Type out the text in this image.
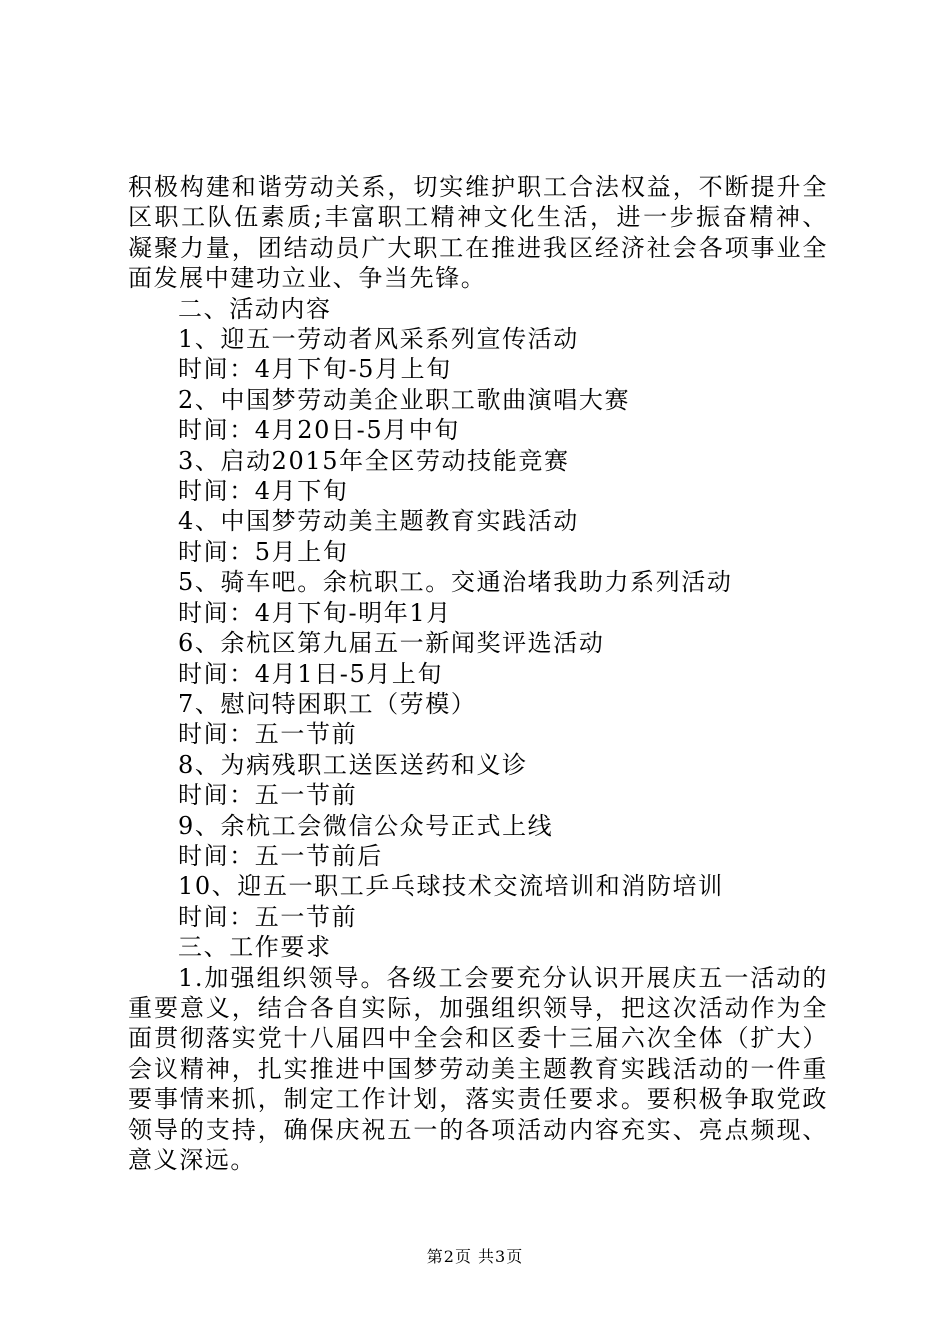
积极构建和谐劳动关系，切实维护职工合法权益，不断提升全区职工队伍素质;丰富职工精神文化生活，进一步振奋精神、凝聚力量，团结动员广大职工在推进我区经济社会各项事业全面发展中建功立业、争当先锋。

二、活动内容

1、迎五一劳动者风采系列宣传活动

时间：4月下旬-5月上旬

2、中国梦劳动美企业职工歌曲演唱大赛

时间：4月20日-5月中旬

3、启动2015年全区劳动技能竞赛

时间：4月下旬

4、中国梦劳动美主题教育实践活动

时间：5月上旬

5、骑车吧。余杭职工。交通治堵我助力系列活动

时间：4月下旬-明年1月

6、余杭区第九届五一新闻奖评选活动

时间：4月1日-5月上旬

7、慰问特困职工（劳模）

时间：五一节前

8、为病残职工送医送药和义诊

时间：五一节前

9、余杭工会微信公众号正式上线

时间：五一节前后

10、迎五一职工乒乓球技术交流培训和消防培训

时间：五一节前

三、工作要求

1.加强组织领导。各级工会要充分认识开展庆五一活动的重要意义，结合各自实际，加强组织领导，把这次活动作为全面贯彻落实党十八届四中全会和区委十三届六次全体（扩大）会议精神，扎实推进中国梦劳动美主题教育实践活动的一件重要事情来抓，制定工作计划，落实责任要求。要积极争取党政领导的支持，确保庆祝五一的各项活动内容充实、亮点频现、意义深远。

第2页 共3页
